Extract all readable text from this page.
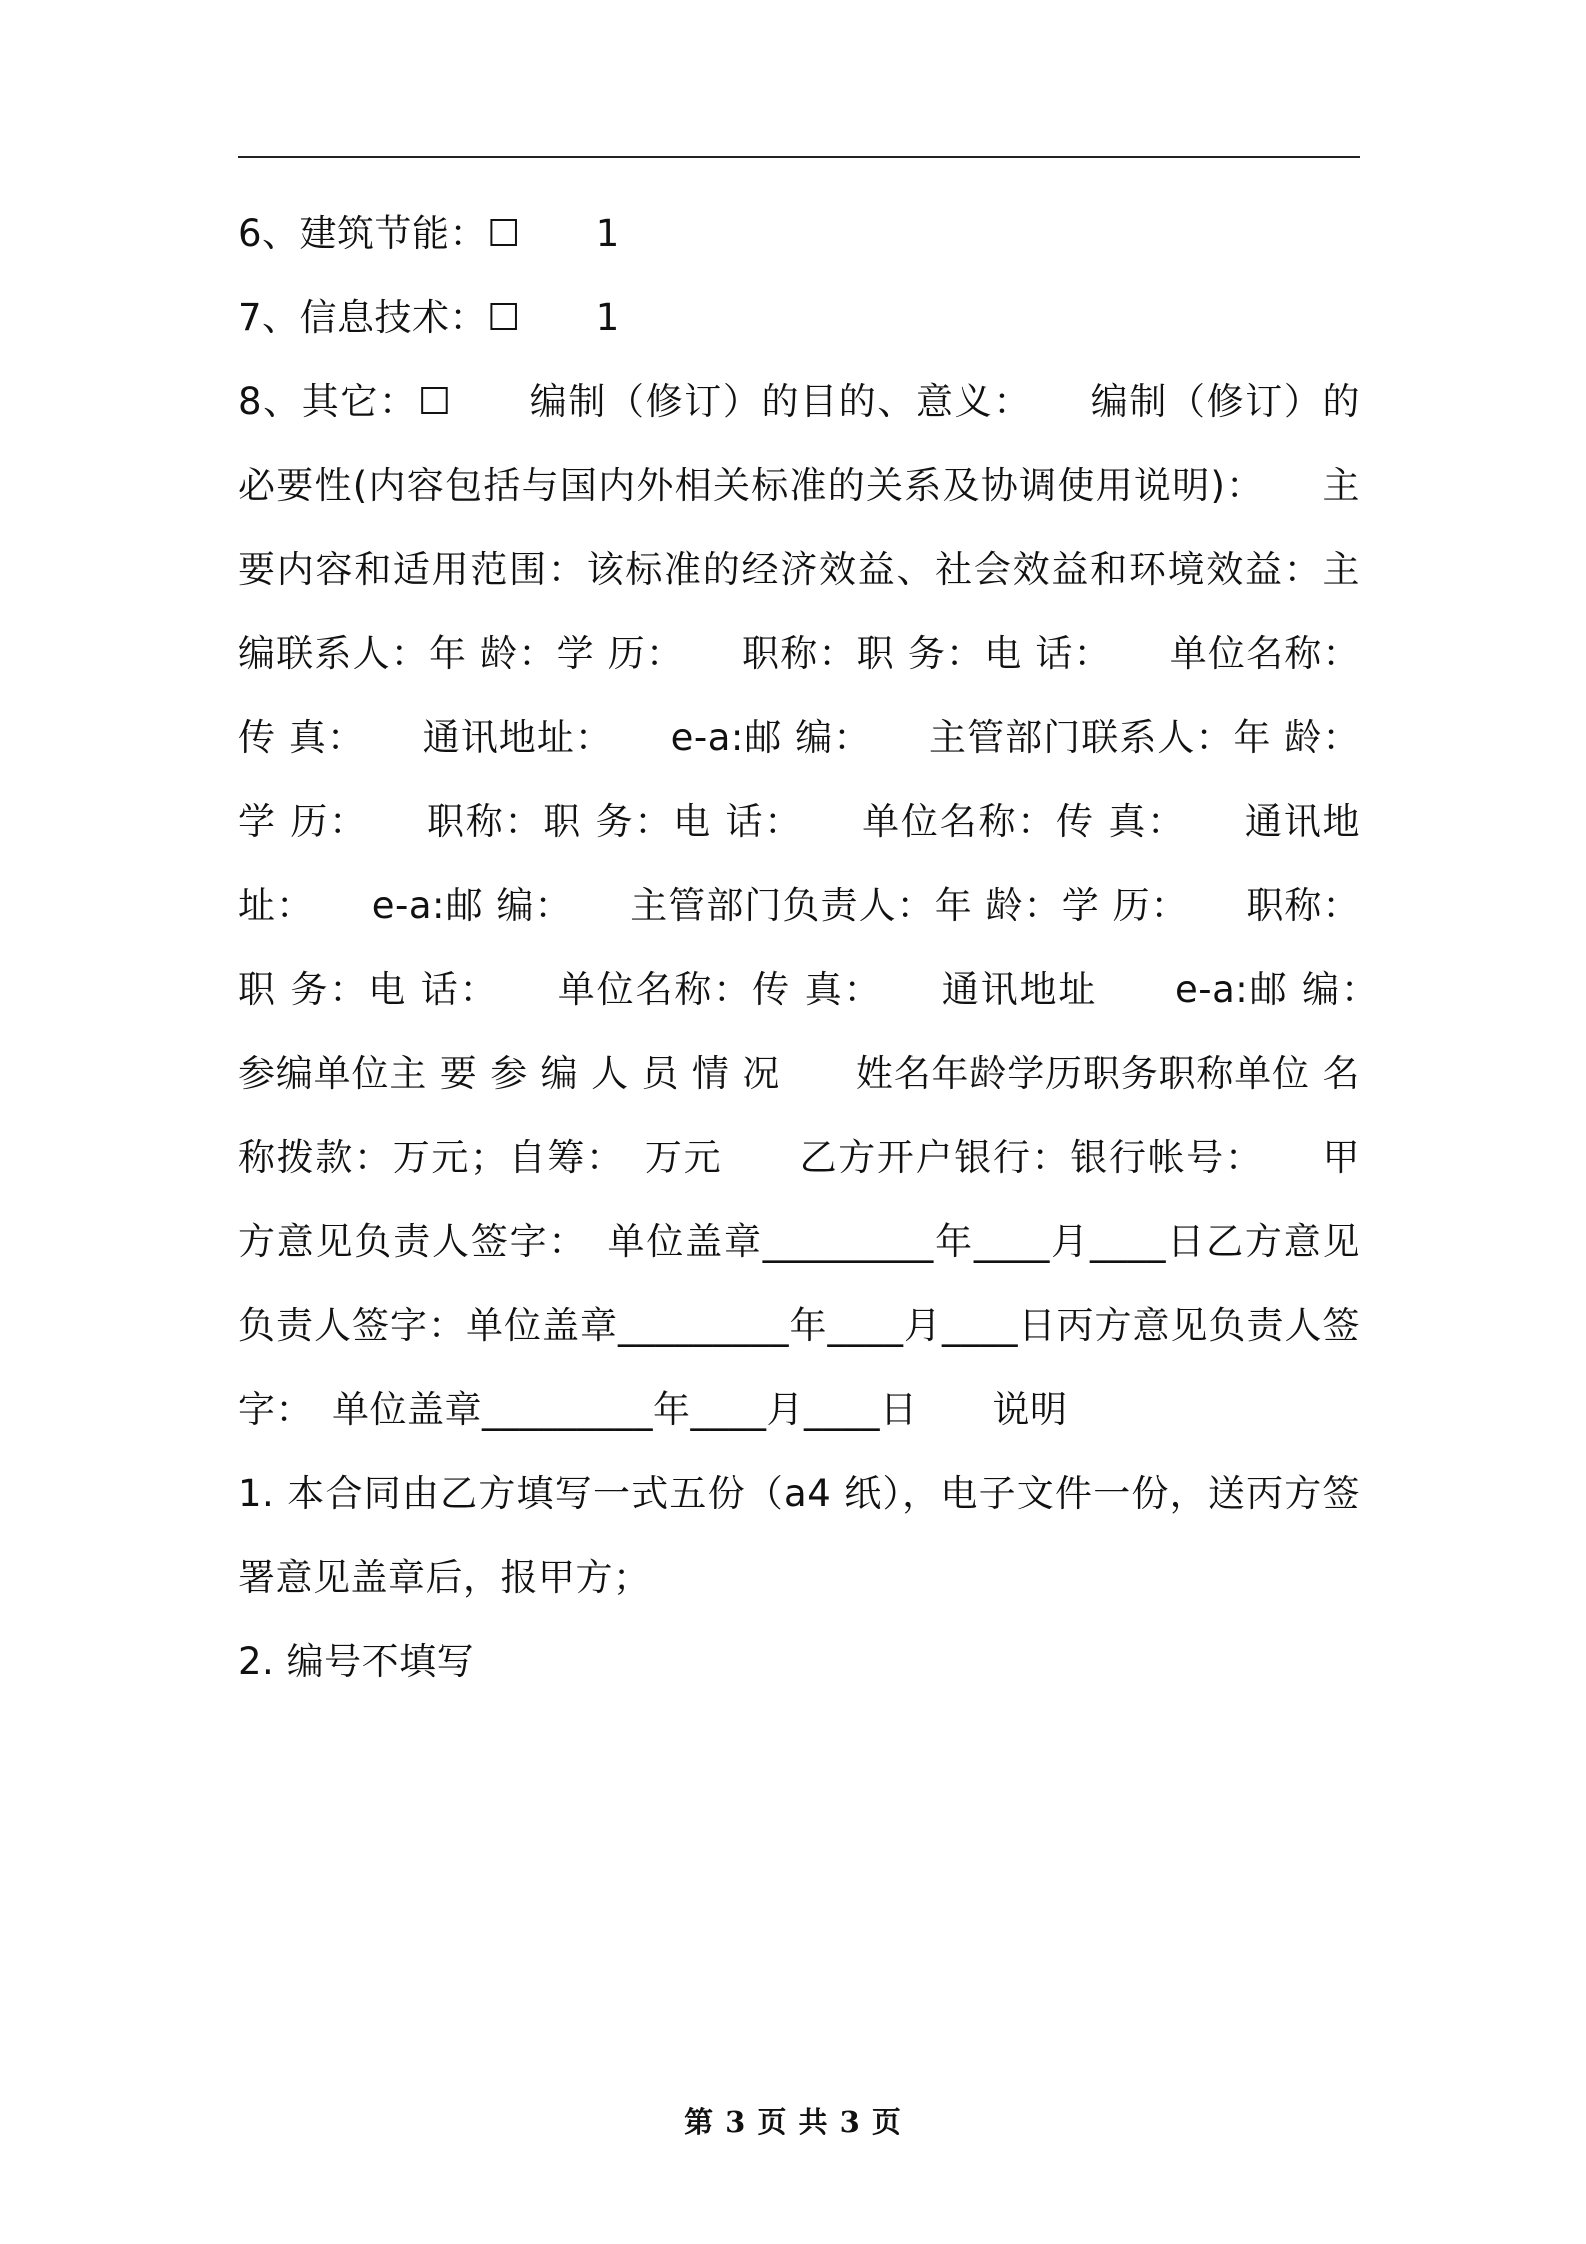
6、建筑节能：☐　　1

7、信息技术：☐　　1

8、其它：☐　　编制（修订）的目的、意义：　　编制（修订）的必要性(内容包括与国内外相关标准的关系及协调使用说明)：　　主要内容和适用范围：该标准的经济效益、社会效益和环境效益：主编联系人：年 龄：学 历：　　职称：职 务：电 话：　　单位名称：传 真：　　通讯地址：　　e-a:邮 编：　　主管部门联系人：年 龄：学 历：　　职称：职 务：电 话：　　单位名称：传 真：　　通讯地址：　　e-a:邮 编：　　主管部门负责人：年 龄：学 历：　　职称：职 务：电 话：　　单位名称：传 真：　　通讯地址　　e-a:邮 编：　　参编单位主 要 参 编 人 员 情 况　　姓名年龄学历职务职称单位 名 称拨款：万元；自筹：　万元　　乙方开户银行：银行帐号：　　甲方意见负责人签字：　单位盖章_________年____月____日乙方意见负责人签字：单位盖章_________年____月____日丙方意见负责人签字：　单位盖章_________年____月____日　　说明

1. 本合同由乙方填写一式五份（a4 纸），电子文件一份，送丙方签署意见盖章后，报甲方；

2. 编号不填写

第 3 页 共 3 页
